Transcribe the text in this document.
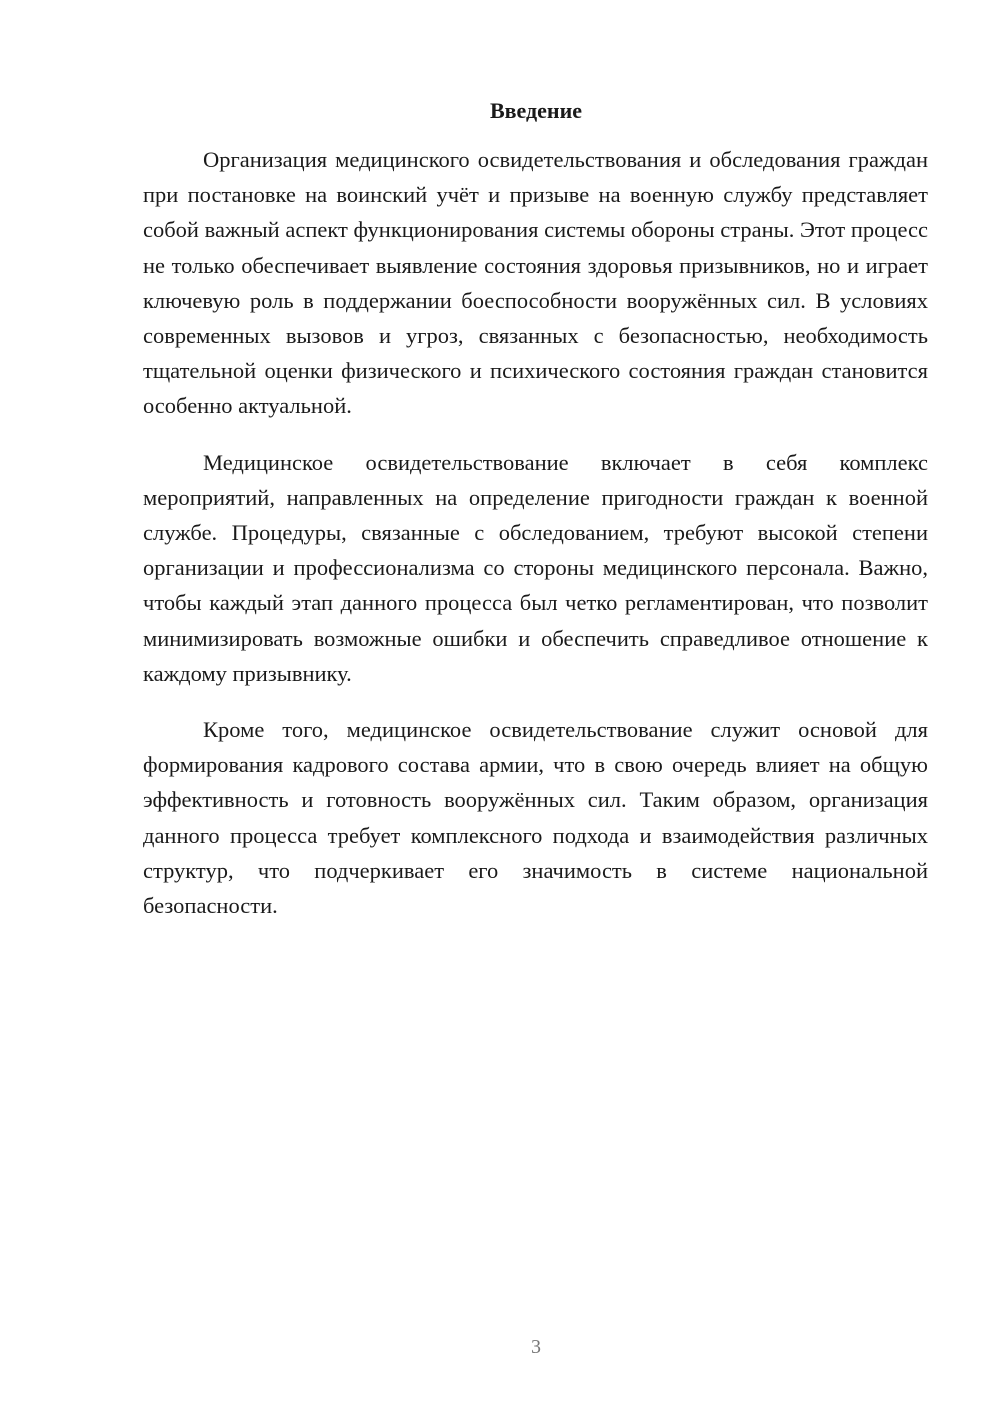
Введение

Организация медицинского освидетельствования и обследования граждан при постановке на воинский учёт и призыве на военную службу представляет собой важный аспект функционирования системы обороны страны. Этот процесс не только обеспечивает выявление состояния здоровья призывников, но и играет ключевую роль в поддержании боеспособности вооружённых сил. В условиях современных вызовов и угроз, связанных с безопасностью, необходимость тщательной оценки физического и психического состояния граждан становится особенно актуальной.

Медицинское освидетельствование включает в себя комплекс мероприятий, направленных на определение пригодности граждан к военной службе. Процедуры, связанные с обследованием, требуют высокой степени организации и профессионализма со стороны медицинского персонала. Важно, чтобы каждый этап данного процесса был четко регламентирован, что позволит минимизировать возможные ошибки и обеспечить справедливое отношение к каждому призывнику.

Кроме того, медицинское освидетельствование служит основой для формирования кадрового состава армии, что в свою очередь влияет на общую эффективность и готовность вооружённых сил. Таким образом, организация данного процесса требует комплексного подхода и взаимодействия различных структур, что подчеркивает его значимость в системе национальной безопасности.

3
